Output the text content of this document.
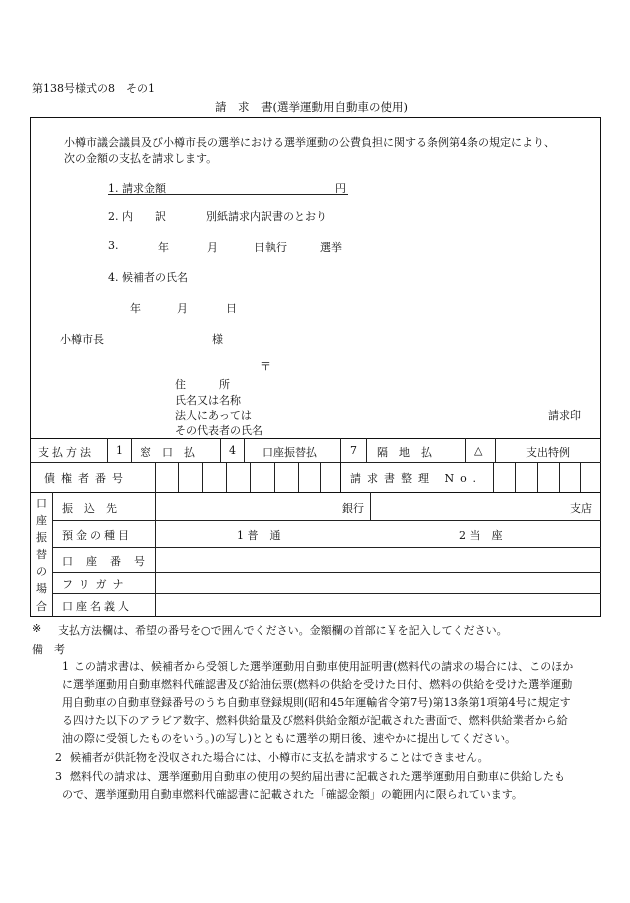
第138号様式の8　その1
請　求　書(選挙運動用自動車の使用)
小樽市議会議員及び小樽市長の選挙における選挙運動の公費負担に関する条例第4条の規定により、
次の金額の支払を請求します。
1. 請求金額	円
2. 内　　訳	別紙請求内訳書のとおり
3.	年	月	日執行	選挙
4. 候補者の氏名
年	月	日
小樽市長	様
〒
住　　　所
氏名又は名称
法人にあっては	請求印
その代表者の氏名
支払方法 1 窓　口　払	4 口座振替払	7 隔　地　払	△	支出特例
債権者番号	請求書整理 No.
口
座
振
替
の
場
合
振　込　先	銀行	支店
預金の種目	1 普　通	2 当　座
口座番号
フリガナ
口座名義人
※ 支払方法欄は、希望の番号を○で囲んでください。金額欄の首部に￥を記入してください。
備　考
1 この請求書は、候補者から受領した選挙運動用自動車使用証明書(燃料代の請求の場合には、このほか
に選挙運動用自動車燃料代確認書及び給油伝票(燃料の供給を受けた日付、燃料の供給を受けた選挙運動
用自動車の自動車登録番号のうち自動車登録規則(昭和45年運輸省令第7号)第13条第1項第4号に規定す
る四けた以下のアラビア数字、燃料供給量及び燃料供給金額が記載された書面で、燃料供給業者から給
油の際に受領したものをいう。)の写し)とともに選挙の期日後、速やかに提出してください。
2 候補者が供託物を没収された場合には、小樽市に支払を請求することはできません。
3 燃料代の請求は、選挙運動用自動車の使用の契約届出書に記載された選挙運動用自動車に供給したも
ので、選挙運動用自動車燃料代確認書に記載された「確認金額」の範囲内に限られています。
